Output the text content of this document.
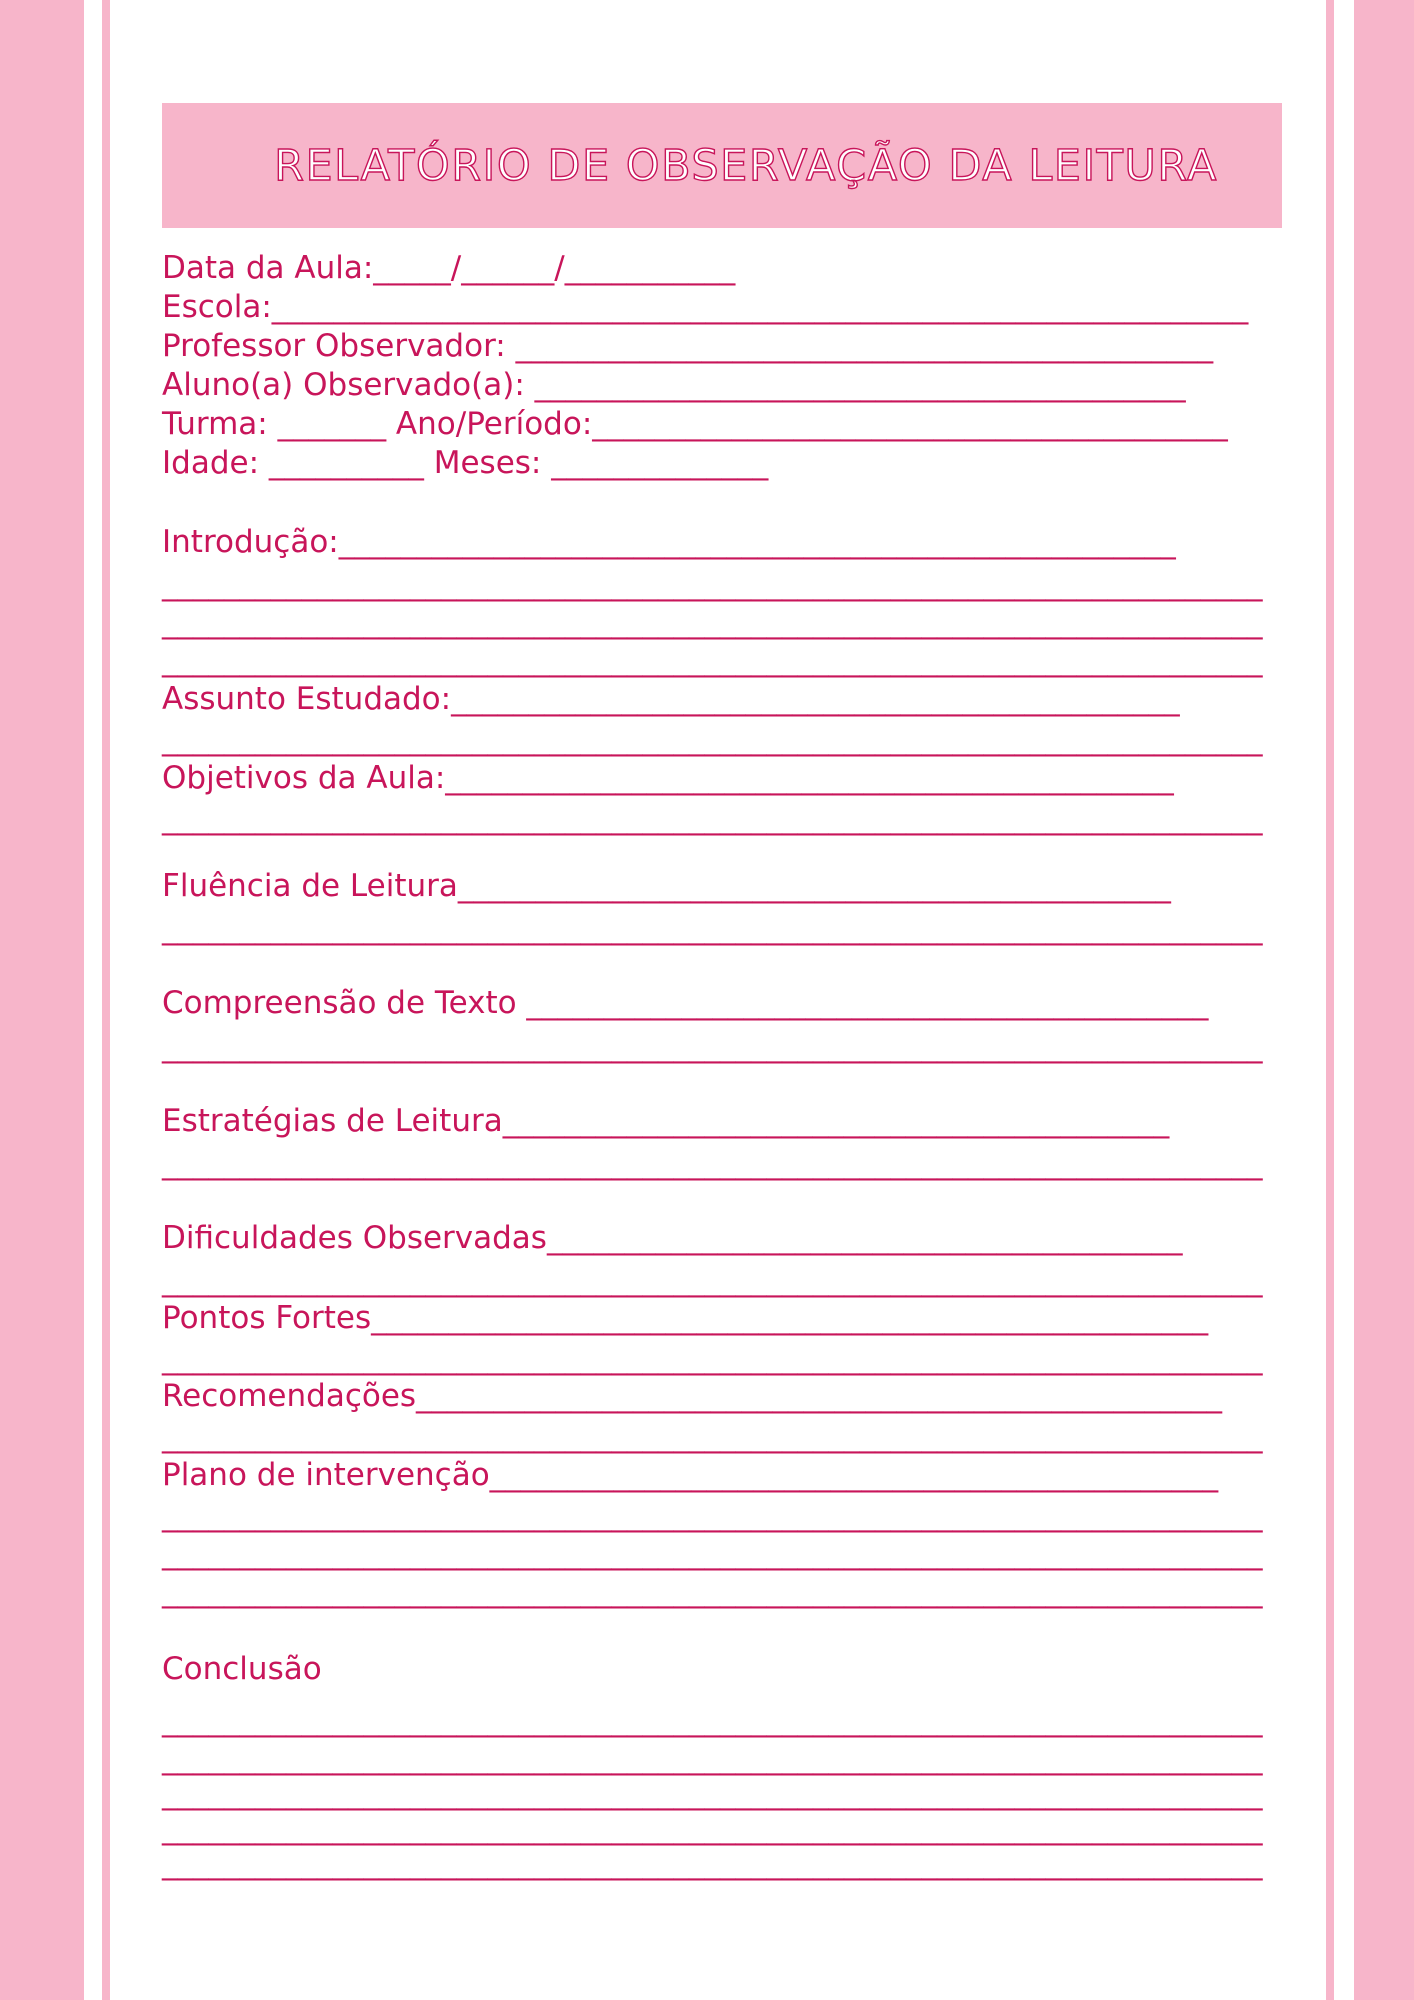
RELATÓRIO DE OBSERVAÇÃO DA LEITURA

Data da Aula:_____/______/___________

Escola:_______________________________________________________________

Professor Observador: _____________________________________________

Aluno(a) Observado(a): __________________________________________

Turma: _______ Ano/Período:_________________________________________

Idade: __________ Meses: ______________

Introdução:______________________________________________________

_______________________________________________________________________

_______________________________________________________________________

_______________________________________________________________________

Assunto Estudado:_______________________________________________

_______________________________________________________________________

Objetivos da Aula:_______________________________________________

_______________________________________________________________________

Fluência de Leitura______________________________________________

_______________________________________________________________________

Compreensão de Texto ____________________________________________

_______________________________________________________________________

Estratégias de Leitura___________________________________________

_______________________________________________________________________

Dificuldades Observadas_________________________________________

_______________________________________________________________________

Pontos Fortes______________________________________________________

_______________________________________________________________________

Recomendações____________________________________________________

_______________________________________________________________________

Plano de intervenção_______________________________________________

_______________________________________________________________________

_______________________________________________________________________

_______________________________________________________________________

Conclusão

_______________________________________________________________________

_______________________________________________________________________

_______________________________________________________________________

_______________________________________________________________________

_______________________________________________________________________
